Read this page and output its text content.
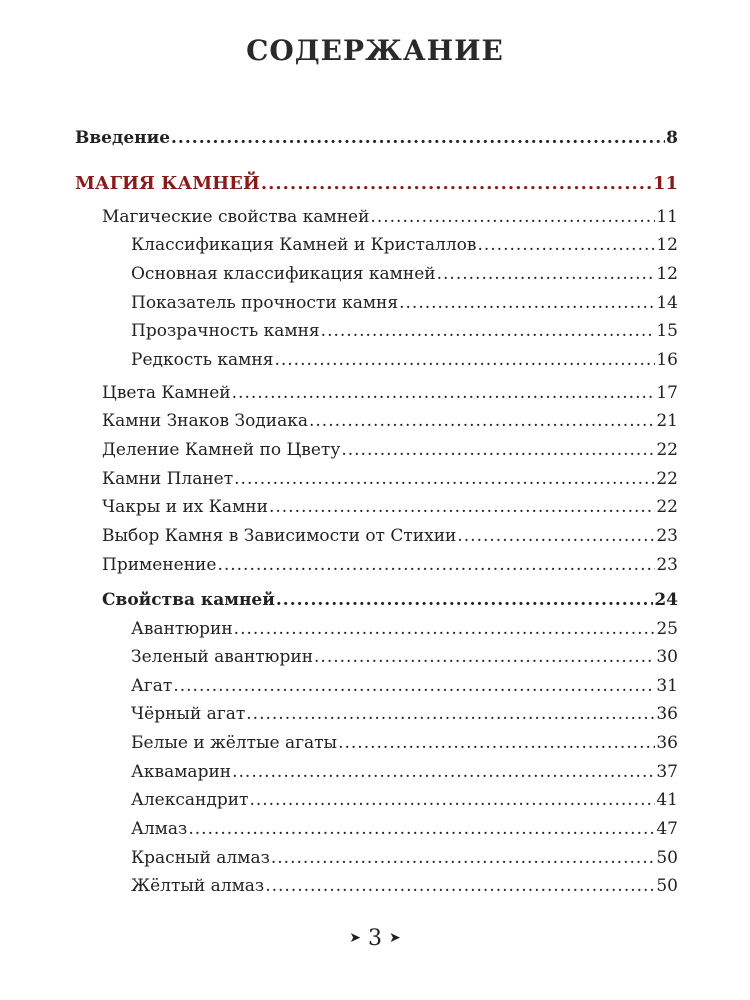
СОДЕРЖАНИЕ
Введение .....	8
МАГИЯ КАМНЕЙ .....	11
Магические свойства камней .....	11
Классификация Камней и Кристаллов .....	12
Основная классификация камней .....	12
Показатель прочности камня .....	14
Прозрачность камня .....	15
Редкость камня .....	16
Цвета Камней .....	17
Камни Знаков Зодиака .....	21
Деление Камней по Цвету .....	22
Камни Планет .....	22
Чакры и их Камни .....	22
Выбор Камня в Зависимости от Стихии .....	23
Применение .....	23
Свойства камней .....	24
Авантюрин .....	25
Зеленый авантюрин .....	30
Агат .....	31
Чёрный агат .....	36
Белые и жёлтые агаты .....	36
Аквамарин .....	37
Александрит .....	41
Алмаз .....	47
Красный алмаз .....	50
Жёлтый алмаз .....	50
➤ 3 ➤
